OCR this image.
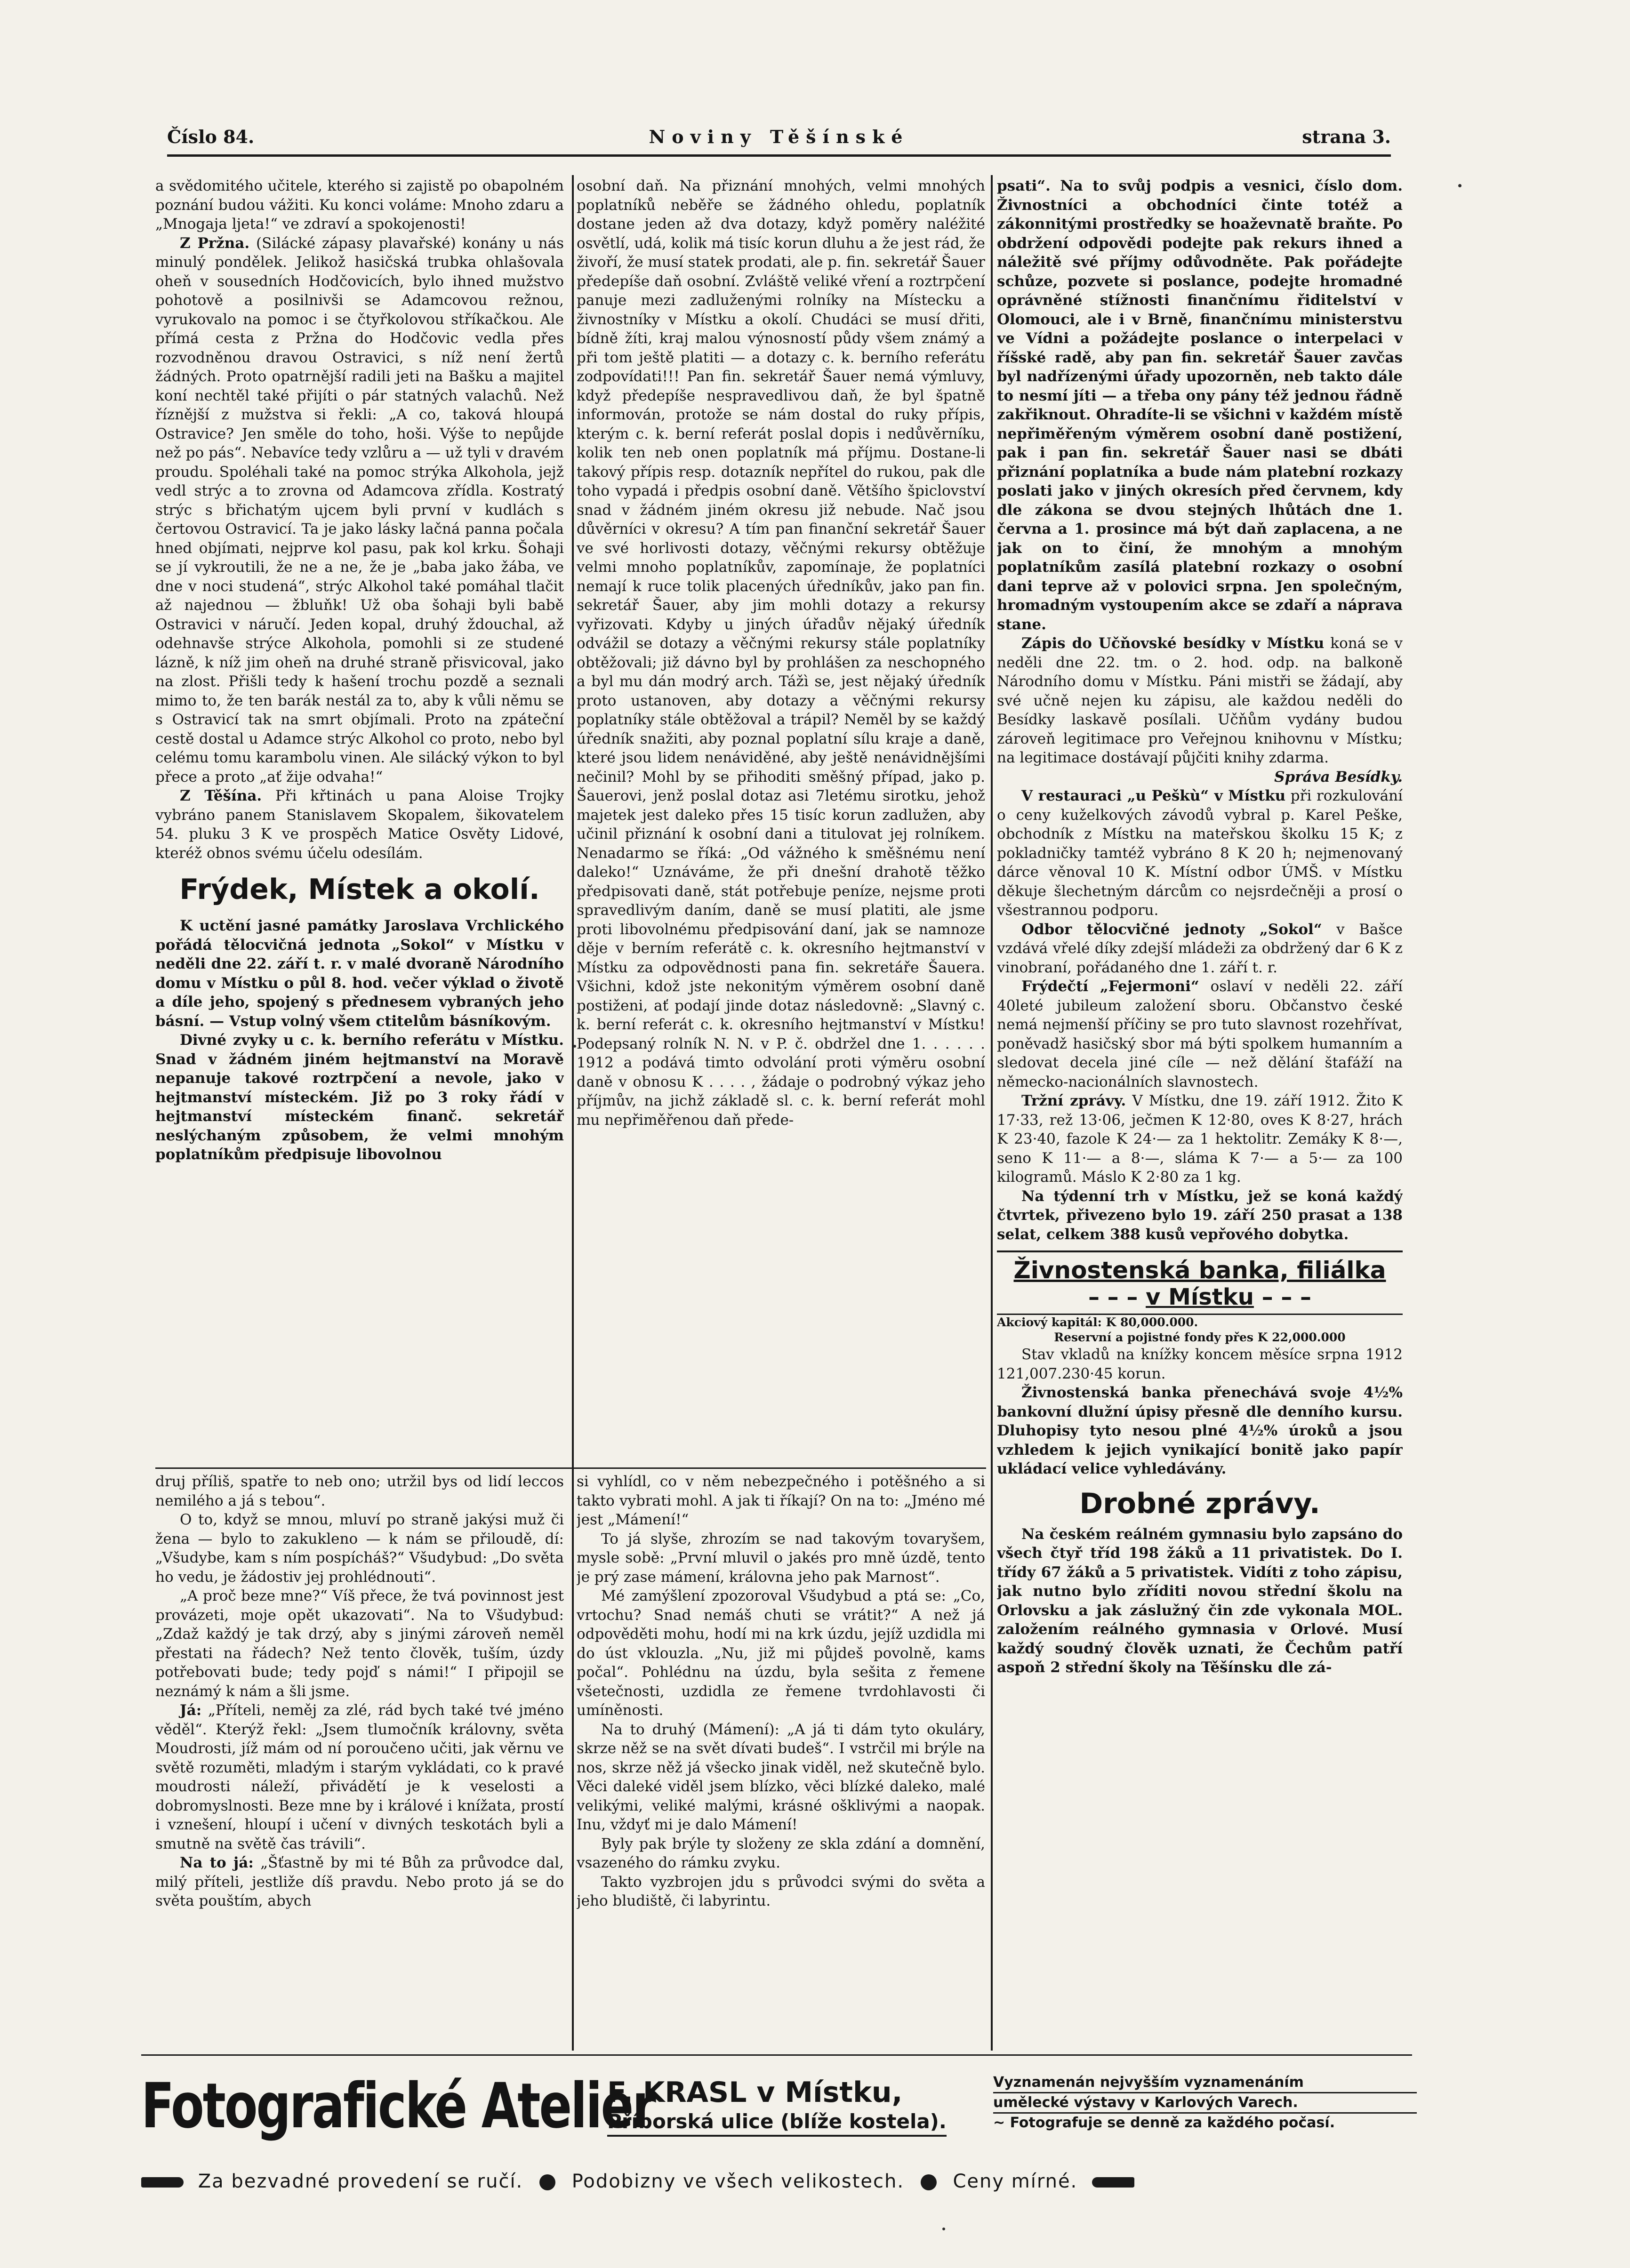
Číslo 84.	Noviny Těšínské	strana 3.

a svědomitého učitele, kterého si zajistě po obapolném poznání budou vážiti. Ku konci voláme: Mnoho zdaru a „Mnogaja ljeta!“ ve zdraví a spokojenosti!

Z Pržna. (Silácké zápasy plavařské) konány u nás minulý pondělek. Jelikož hasičská trubka ohlašovala oheň v sousedních Hodčovicích, bylo ihned mužstvo pohotově a posilnivši se Adamcovou režnou, vyrukovalo na pomoc i se čtyřkolovou stříkačkou. Ale přímá cesta z Pržna do Hodčovic vedla přes rozvodněnou dravou Ostravici, s níž není žertů žádných. Proto opatrnější radili jeti na Bašku a majitel koní nechtěl také přijíti o pár statných valachů. Než řízněјší z mužstva si řekli: „A co, taková hloupá Ostravice? Jen směle do toho, hoši. Výše to nepůjde než po pás“. Nebavíce tedy vzlůru a — už tyli v dravém proudu. Spoléhali také na pomoc strýka Alkohola, jejž vedl strýc a to zrovna od Adamcova zřídla. Kostratý strýc s břichatým ujcem byli první v kudlách s čertovou Ostravicí. Ta je jako lásky lačná panna počala hned objímati, nejprve kol pasu, pak kol krku. Šohaji se jí vykroutili, že ne a ne, že je „baba jako žába, ve dne v noci studená“, strýc Alkohol také pomáhal tlačit až najednou — žbluňk! Už oba šohaji byli babě Ostravici v náručí. Jeden kopal, druhý ždouchal, až odehnavše strýce Alkohola, pomohli si ze studené lázně, k níž jim oheň na druhé straně přisvicoval, jako na zlost. Přišli tedy k hašení trochu pozdě a seznali mimo to, že ten barák nestál za to, aby k vůli němu se s Ostravicí tak na smrt objímali. Proto na zpáteční cestě dostal u Adamce strýc Alkohol co proto, nebo byl celému tomu karambolu vinen. Ale silácký výkon to byl přece a proto „ať žije odvaha!“

Z Těšína. Při křtinách u pana Aloise Trojky vybráno panem Stanislavem Skopalem, šikovatelem 54. pluku 3 K ve prospěch Matice Osvěty Lidové, kteréž obnos svému účelu odesílám.

Frýdek, Místek a okolí.

K uctění jasné památky Jaroslava Vrchlického pořádá tělocvičná jednota „Sokol“ v Místku v neděli dne 22. září t. r. v malé dvoraně Národního domu v Místku o půl 8. hod. večer výklad o životě a díle jeho, spojený s přednesem vybraných jeho básní. — Vstup volný všem ctitelům básníkovým.

Divné zvyky u c. k. berního referátu v Místku. Snad v žádném jiném hejtmanství na Moravě nepanuje takové roztrpčení a nevole, jako v hejtmanství místeckém. Již po 3 roky řádí v hejtmanství místeckém finanč. sekretář neslýchaným způsobem, že velmi mnohým poplatníkům předpisuje libovolnou

druj příliš, spatře to neb ono; utržil bys od lidí leccos nemilého a já s tebou“.

O to, když se mnou, mluví po straně jakýsi muž či žena — bylo to zakukleno — k nám se přiloudě, dí: „Všudybe, kam s ním pospícháš?“ Všudybud: „Do světa ho vedu, je žádostiv jej prohlédnouti“.

„A proč beze mne?“ Víš přece, že tvá povinnost jest provázeti, moje opět ukazovati“. Na to Všudybud: „Zdaž každý je tak drzý, aby s jinými zároveň neměl přestati na řádech? Než tento člověk, tuším, úzdy potřebovati bude; tedy pojď s námi!“ I připojil se neznámý k nám a šli jsme.

Já: „Příteli, neměj za zlé, rád bych také tvé jméno věděl“. Kterýž řekl: „Jsem tlumočník královny, světa Moudrosti, jíž mám od ní poroučeno učiti, jak věrnu ve světě rozuměti, mladým i starým vykládati, co k pravé moudrosti náleží, přivádětí je k veselosti a dobromyslnosti. Beze mne by i králové i knížata, prostí i vznešení, hloupí i učení v divných teskotách byli a smutně na světě čas trávili“.

Na to já: „Šťastně by mi té Bůh za průvodce dal, milý příteli, jestliže díš pravdu. Nebo proto já se do světa pouštím, abych

osobní daň. Na přiznání mnohých, velmi mnohých poplatníků neběře se žádného ohledu, poplatník dostane jeden až dva dotazy, když poměry naléžité osvětlí, udá, kolik má tisíc korun dluhu a že jest rád, že živoří, že musí statek prodati, ale p. fin. sekretář Šauer předepíše daň osobní. Zvláště veliké vření a roztrpčení panuje mezi zadluženými rolníky na Místecku a živnostníky v Místku a okolí. Chudáci se musí dřiti, bídně žíti, kraj malou výnosností půdy všem známý a při tom ještě platiti — a dotazy c. k. berního referátu zodpovídati!!! Pan fin. sekretář Šauer nemá výmluvy, když předepíše nespravedlivou daň, že byl špatně informován, protože se nám dostal do ruky přípis, kterým c. k. berní referát poslal dopis i nedůvěrníku, kolik ten neb onen poplatník má příjmu. Dostane-li takový přípis resp. dotazník nepřítel do rukou, pak dle toho vypadá i předpis osobní daně. Většího špiclovství snad v žádném jiném okresu již nebude. Nač jsou důvěrníci v okresu? A tím pan finanční sekretář Šauer ve své horlivosti dotazy, věčnými rekursy obtěžuje velmi mnoho poplatníkův, zapomínaje, že poplatníci nemají k ruce tolik placených úředníkův, jako pan fin. sekretář Šauer, aby jim mohli dotazy a rekursy vyřizovati. Kdyby u jiných úřadův nějaký úředník odvážil se dotazy a věčnými rekursy stále poplatníky obtěžovali; již dávno byl by prohlášen za neschopného a byl mu dán modrý arch. Tážì se, jest nějaký úředník proto ustanoven, aby dotazy a věčnými rekursy poplatníky stále obtěžoval a trápil? Neměl by se každý úředník snažiti, aby poznal poplatní sílu kraje a daně, které jsou lidem nenáviděné, aby ještě nenávidnějšími nečinil? Mohl by se přihoditi směšný případ, jako p. Šauerovi, jenž poslal dotaz asi 7letému sirotku, jehož majetek jest daleko přes 15 tisíc korun zadlužen, aby učinil přiznání k osobní dani a titulovat jej rolníkem. Nenadarmo se říká: „Od vážného k směšnému není daleko!“ Uznáváme, že při dnešní drahotě těžko předpisovati daně, stát potřebuje peníze, nejsme proti spravedlivým daním, daně se musí platiti, ale jsme proti libovolnému předpisování daní, jak se namnoze děje v berním referátě c. k. okresního hejtmanství v Místku za odpovědnosti pana fin. sekretáře Šauera. Všichni, kdož jste nekonitým výměrem osobní daně postiženi, ať podají jinde dotaz následovně: „Slavný c. k. berní referát c. k. okresního hejtmanství v Místku! Podepsaný rolník N. N. v P. č. obdržel dne 1. . . . . . 1912 a podává timto odvolání proti výměru osobní daně v obnosu K . . . . , žádaje o podrobný výkaz jeho příjmův, na jichž základě sl. c. k. berní referát mohl mu nepřiměřenou daň přede-

si vyhlídl, co v něm nebezpečného i potěšného a si takto vybrati mohl. A jak ti říkají? On na to: „Jméno mé jest „Mámení!“

To já slyše, zhrozím se nad takovým tovaryšem, mysle sobě: „První mluvil o jakés pro mně úzdě, tento je prý zase mámení, královna jeho pak Marnost“.

Mé zamýšlení zpozoroval Všudybud a ptá se: „Co, vrtochu? Snad nemáš chuti se vrátit?“ A než já odpověděti mohu, hodí mi na krk úzdu, jejíž uzdidla mi do úst vklouzla. „Nu, již mi půjdeš povolně, kams počal“. Pohlédnu na úzdu, byla sešita z řemene všetečnosti, uzdidla ze řemene tvrdohlavosti či umíněnosti.

Na to druhý (Mámení): „A já ti dám tyto okuláry, skrze něž se na svět dívati budeš“. I vstrčil mi brýle na nos, skrze něž já všecko jinak viděl, než skutečně bylo. Věci daleké viděl jsem blízko, věci blízké daleko, malé velikými, veliké malými, krásné ošklivými a naopak. Inu, vždyť mi je dalo Mámení!

Byly pak brýle ty složeny ze skla zdání a domnění, vsazeného do rámku zvyku.

Takto vyzbrojen jdu s průvodci svými do světa a jeho bludiště, či labyrintu.

psati“. Na to svůj podpis a vesnici, číslo dom. Živnostníci a obchodníci činte totéž a zákonnitými prostředky se hoaževnatě braňte. Po obdržení odpovědi podejte pak rekurs ihned a náležitě své příjmy odůvodněte. Pak pořádejte schůze, pozvete si poslance, podejte hromadné oprávněné stížnosti finančnímu řiditelství v Olomouci, ale i v Brně, finančnímu ministerstvu ve Vídni a požádejte poslance o interpelaci v říšské radě, aby pan fin. sekretář Šauer zavčas byl nadřízenými úřady upozorněn, neb takto dále to nesmí jíti — a třeba ony pány též jednou řádně zakřiknout. Ohradíte-li se všichni v každém místě nepřiměřeným výměrem osobní daně postižení, pak i pan fin. sekretář Šauer nasi se dbáti přiznání poplatníka a bude nám platební rozkazy poslati jako v jiných okresích před červnem, kdy dle zákona se dvou stejných lhůtách dne 1. června a 1. prosince má být daň zaplacena, a ne jak on to činí, že mnohým a mnohým poplatníkům zasílá platební rozkazy o osobní dani teprve až v polovici srpna. Jen společným, hromadným vystoupením akce se zdaří a náprava stane.

Zápis do Učňovské besídky v Místku koná se v neděli dne 22. tm. o 2. hod. odp. na balkoně Národního domu v Místku. Páni mistři se žádají, aby své učně nejen ku zápisu, ale každou neděli do Besídky laskavě posílali. Učňům vydány budou zároveň legitimace pro Veřejnou knihovnu v Místku; na legitimace dostávají půjčiti knihy zdarma.

Správa Besídky.

V restauraci „u Peškù“ v Místku při rozkulování o ceny kuželkových závodů vybral p. Karel Peške, obchodník z Místku na mateřskou školku 15 K; z pokladničky tamtéž vybráno 8 K 20 h; nejmenovaný dárce věnoval 10 K. Místní odbor ÚMŠ. v Místku děkuje šlechetným dárcům co nejsrdečněji a prosí o všestrannou podporu.

Odbor tělocvičné jednoty „Sokol“ v Bašce vzdává vřelé díky zdejší mládeži za obdržený dar 6 K z vinobraní, pořádaného dne 1. září t. r.

Frýdečtí „Fejermoni“ oslaví v neděli 22. září 40leté jubileum založení sboru. Občanstvo české nemá nejmenší příčiny se pro tuto slavnost rozehřívat, poněvadž hasičský sbor má býti spolkem humanním a sledovat decela jiné cíle — než dělání štafáží na německo-nacionálních slavnostech.

Tržní zprávy. V Místku, dne 19. září 1912. Žito K 17·33, rež 13·06, ječmen K 12·80, oves K 8·27, hrách K 23·40, fazole K 24·— za 1 hektolitr. Zemáky K 8·—, seno K 11·— a 8·—, sláma K 7·— a 5·— za 100 kilogramů. Máslo K 2·80 za 1 kg.

Na týdenní trh v Místku, jež se koná každý čtvrtek, přivezeno bylo 19. září 250 prasat a 138 selat, celkem 388 kusů vepřového dobytka.

Živnostenská banka, filiálka
– – – v Místku – – –
Akciový kapitál: K 80,000.000.
Reservní a pojistné fondy přes K 22,000.000

Stav vkladů na knížky koncem měsíce srpna 1912 121,007.230·45 korun.

Živnostenská banka přenechává svoje 4½% bankovní dlužní úpisy přesně dle denního kursu. Dluhopisy tyto nesou plné 4½% úroků a jsou vzhledem k jejich vynikající bonitě jako papír ukládací velice vyhledávány.

Drobné zprávy.

Na českém reálném gymnasiu bylo zapsáno do všech čtyř tříd 198 žáků a 11 privatistek. Do I. třídy 67 žáků a 5 privatistek. Vidíti z toho zápisu, jak nutno bylo zříditi novou střední školu na Orlovsku a jak záslužný čin zde vykonala MOL. založením reálného gymnasia v Orlové. Musí každý soudný člověk uznati, že Čechům patří aspoň 2 střední školy na Těšínsku dle zá-

Fotografické Atelier
F. KRASL v Místku,
Příborská ulice (blíže kostela).
Vyznamenán nejvyšším vyznamenáním
umělecké výstavy v Karlových Varech.
~ Fotografuje se denně za každého počasí.
Za bezvadné provedení se ručí.	Podobizny ve všech velikostech.	Ceny mírné.
